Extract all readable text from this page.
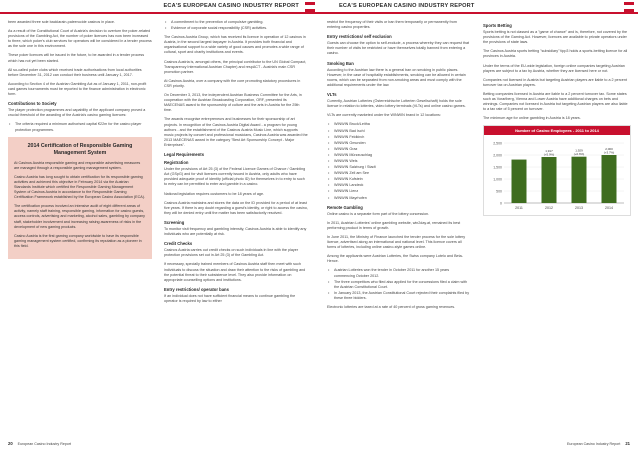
ECA'S EUROPEAN CASINO INDUSTRY REPORT

been awarded three sole backlarain-paleerucide casinos in place.

As a result of the Constitutional Court of Austria's decision to overturn the poker-related provisions of the Gambling Act, the number of poker licences has now been increased to three, which poker's club services for operators will be considered in a tender process as the sole one in this environment.

These poker licences will be issued in the future, to be awarded in a tender process which has not yet been started.

All so-called poker clubs which received trade authorisations from local authorities before December 31, 2012 can conduct their business until January 1, 2017.

According to Section 4 of the Austrian Gambling Act as of January 1, 2011, non-profit card games tournaments must be reported to the finance administration in electronic form.

Contributions to Society

The player protection programmes and capability of the applicant company proved a crucial threshold of the awarding of the Austria's casino gaming licences:

• The criteria required a minimum authorised capital €22m for the casino player protection programmes.
2014 Certification of Responsible Gaming Management System

At Casinos Austria responsible gaming and responsible advertising measures are managed through a responsible gaming management system.

Casino Austria has long sought to obtain certification for its responsible gaming activities and achieved this objective in February 2014 via the Austrian Standards Institute which certified the Responsible Gaming Management System of Casinos Austria in accordance to the Responsible Gaming Certification Framework established by the European Casino Association (ECA).

The certification process involved an intensive audit of eight different areas of activity, namely staff training, responsible gaming, information for casino guests, access controls, advertising and marketing, alcohol sales, gambling by company staff, stakeholder involvement and increasing raising awareness of risks in the development of new gaming products.

Casino Austria is the first gaming company worldwide to have its responsible gaming management system certified, confirming its reputation as a pioneer in this field.

• A commitment to the prevention of compulsive gambling.
• Evidence of corporate social responsibility (CSR) activities.

The Casinos Austria Group, which has received its licence in operation of 12 casinos in Austria, in the second largest taxpayer in Austria. It provides both financial and organisational support to a wide variety of good causes and promotes a wide range of cultural, sport and charity institutions and events.

Casinos Austria is, amongst others, the principal contributor to the UN Global Compact, Transparency International Austrian Chapter) and respACT - Austria's main CSR promotion partner.

At Casinos Austria, over a company with the core promoting statutory procedures in CSR priority.

On December 3, 2013, the independent Austrian Business Committee for the Arts, in cooperation with the Austrian Broadcasting Corporation, ORF, presented its MAECENAS award to the sponsorship of culture and the arts in Austria for the 25th time.

The awards recognise entrepreneurs and businesses for their sponsorship of art projects. In recognition of the Casinos Austria Digital Award - a program for young authors - and the establishment of the Casinos Austria Music Line, which supports music projects by concert and professional musicians, Casinos Austria was awarded the 2013 MAECENAS award in the category "Best Art Sponsorship Concept - Major Enterprises".

Legal Requirements
Registration

Under the provisions of Art 25 (3) of the Federal Licence Games of Chance / Gambling Act (GSpG) and for visit licences currently issued in Austria, only adults who have provided adequate proof of identity (official photo ID) for themselves in to entry to such to entry can be permitted to enter and gamble in a casino.

National legislation requires customers to be 18 years of age.

Casinos Austria maintains and stores the data on the ID provided for a period of at least five years. If there is any doubt regarding a guest's identity, or right to access the casino, they will be denied entry until the matter has been satisfactorily resolved.

Screening

To monitor visit frequency and gambling intensity, Casinos Austria is able to identify any individuals who are potentially at risk.

Credit Checks

Casinos Austria carries out credit checks on such individuals in line with the player protection provisions set out in Art 25 (3) of the Gambling Act.

If necessary, specially trained members of Casinos Austria staff then meet with such individuals to discuss the situation and draw their attention to the risks of gambling and the potential threat to their subsistence level. They also provide information on appropriate counselling options and institutions.

Entry restrictions/ operator bans

If an individual does not have sufficient financial means to continue gambling the operator is required by law to either

20 European Casino Industry Report
ECA'S EUROPEAN CASINO INDUSTRY REPORT

restrict the frequency of their visits or ban them temporarily or permanently from entering casino properties.

Entry restrictions/ self exclusion

Guests can choose the option to self-exclude, a process whereby they can request that their number of visits be restricted or have themselves totally banned from entering a casino.

Smoking Ban

According to the Austrian law there is a general ban on smoking in public places. However, in the case of hospitality establishments, smoking can be allowed in certain rooms, which can be separated from non-smoking areas and must comply with the additional requirements under the law.

VLTs

Currently, Austrian Lotteries (Österreichische Lotterien Gesellschaft) holds the sole licence in relation to lotteries, video lottery terminals (VLTs) and online casino games.

VLTs are currently marketed under the WINWIN brand in 12 locations:

• WINWIN Bruck/Leitha
• WINWIN Bad Ischl
• WINWIN Feldkirch
• WINWIN Gmunden
• WINWIN Graz
• WINWIN Mürzzuschlag
• WINWIN Wels
• WINWIN Salzburg / Stadt
• WINWIN Zell am See
• WINWIN Kufstein
• WINWIN Landeck
• WINWIN Lienz
• WINWIN Mayrhofen
Remote Gambling

Online casino is a separate form part of the lottery concession.

In 2011, Austrian Lotteries' online gambling website, win2day.at, remained its best performing product in terms of growth.

In June 2011, the Ministry of Finance launched the tender process for the sole lottery licence, advertised along an international and national level. This licence covers all forms of lotteries, including online casino-style games online.

Among the applicants were Austrian Lotteries, the Swiss company Lotelo and Beta-Hence.

• Austrian Lotteries won the tender in October 2011 for another 15 years commencing October 2012.
• The three competitors who filed also applied for the concessions filed a claim with the Austrian Constitutional Court.
• In January 2013, the Austrian Constitutional Court rejected their complaints filed by these three bidders.

Electronic lotteries are taxed at a rate of 40 percent of gross gaming revenues.

Sports Betting

Sports betting is not classed as a "game of chance" and is, therefore, not covered by the provisions of the Gaming Act. However, licences are available to private operators under the provisions of state laws.

The Casinos Austria sports betting "subsidiary" tipp3 holds a sports-betting licence for all provinces in Austria.

Under the terms of the EU-wide legislation, foreign online companies targeting Austrian players are subject to a tax by Austria, whether they are licensed here or not.

Companies not licensed in Austria but targeting Austrian players are liable to a 2 percent turnover tax on Austrian players.

Betting companies licensed in Austria are liable to a 2 percent turnover tax. Some states such as Vorarlberg, Vienna and Lower Austria have additional charges on bets and winnings. Companies not licensed in Austria but targeting Austrian players are also liable to a tax rate of 5 percent on turnover.

The minimum age for online gambling in Austria is 18 years.

Number of Casino Employees - 2011 to 2014
0
500
1,000
1,500
2,000
2,500
2011	2012
1,917
(+5.9%)
2013
1,929
(+0.6%)
2014
2,000
(+3.7%)
European Casino Industry Report 21
